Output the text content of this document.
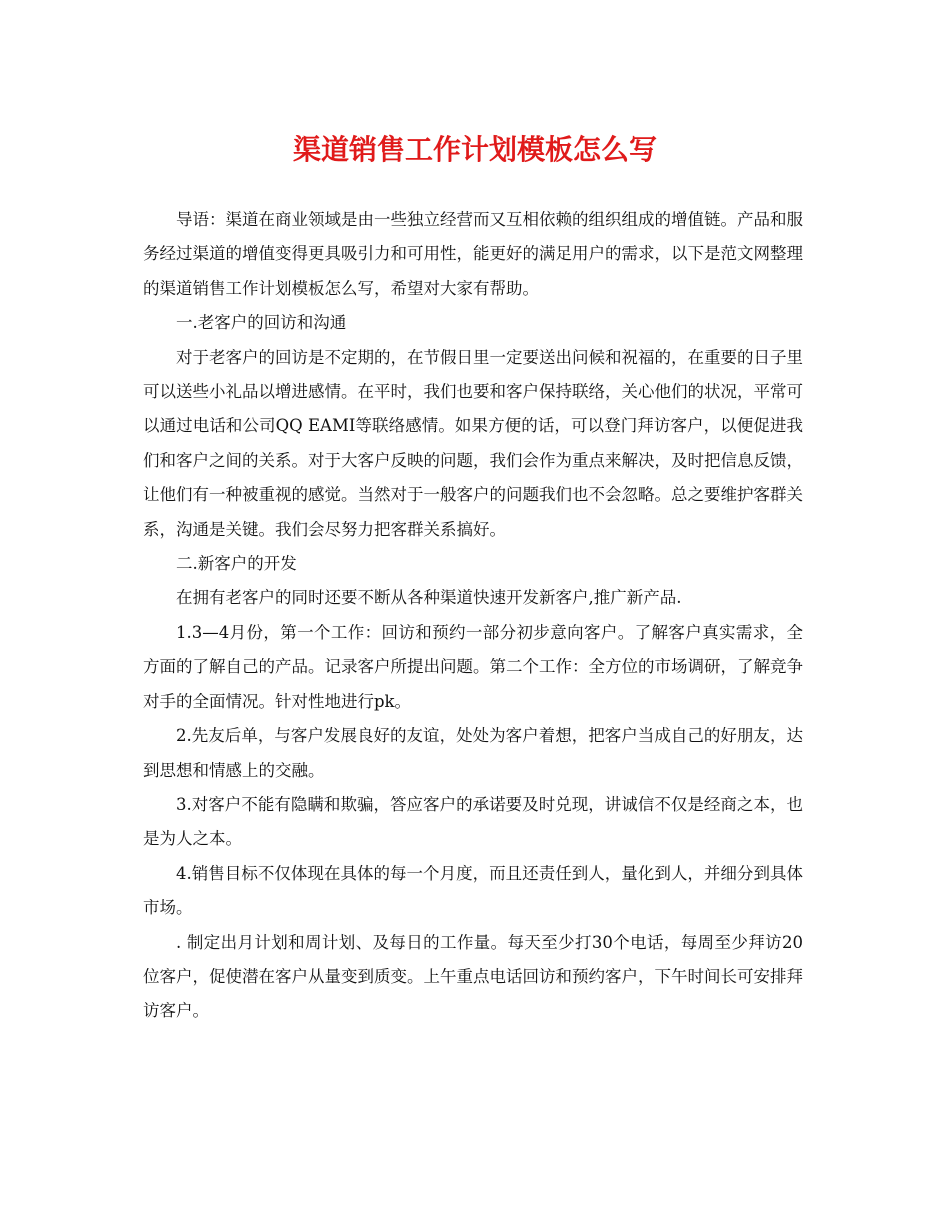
渠道销售工作计划模板怎么写

导语：渠道在商业领域是由一些独立经营而又互相依赖的组织组成的增值链。产品和服务经过渠道的增值变得更具吸引力和可用性，能更好的满足用户的需求，以下是范文网整理的渠道销售工作计划模板怎么写，希望对大家有帮助。

一.老客户的回访和沟通

对于老客户的回访是不定期的，在节假日里一定要送出问候和祝福的，在重要的日子里可以送些小礼品以增进感情。在平时，我们也要和客户保持联络，关心他们的状况，平常可以通过电话和公司QQ EAMI等联络感情。如果方便的话，可以登门拜访客户，以便促进我们和客户之间的关系。对于大客户反映的问题，我们会作为重点来解决，及时把信息反馈，让他们有一种被重视的感觉。当然对于一般客户的问题我们也不会忽略。总之要维护客群关系，沟通是关键。我们会尽努力把客群关系搞好。

二.新客户的开发

在拥有老客户的同时还要不断从各种渠道快速开发新客户,推广新产品.

1.3—4月份，第一个工作：回访和预约一部分初步意向客户。了解客户真实需求，全方面的了解自己的产品。记录客户所提出问题。第二个工作：全方位的市场调研，了解竞争对手的全面情况。针对性地进行pk。

2.先友后单，与客户发展良好的友谊，处处为客户着想，把客户当成自己的好朋友，达到思想和情感上的交融。

3.对客户不能有隐瞒和欺骗，答应客户的承诺要及时兑现，讲诚信不仅是经商之本，也是为人之本。

4.销售目标不仅体现在具体的每一个月度，而且还责任到人，量化到人，并细分到具体市场。

. 制定出月计划和周计划、及每日的工作量。每天至少打30个电话，每周至少拜访20位客户，促使潜在客户从量变到质变。上午重点电话回访和预约客户，下午时间长可安排拜访客户。
